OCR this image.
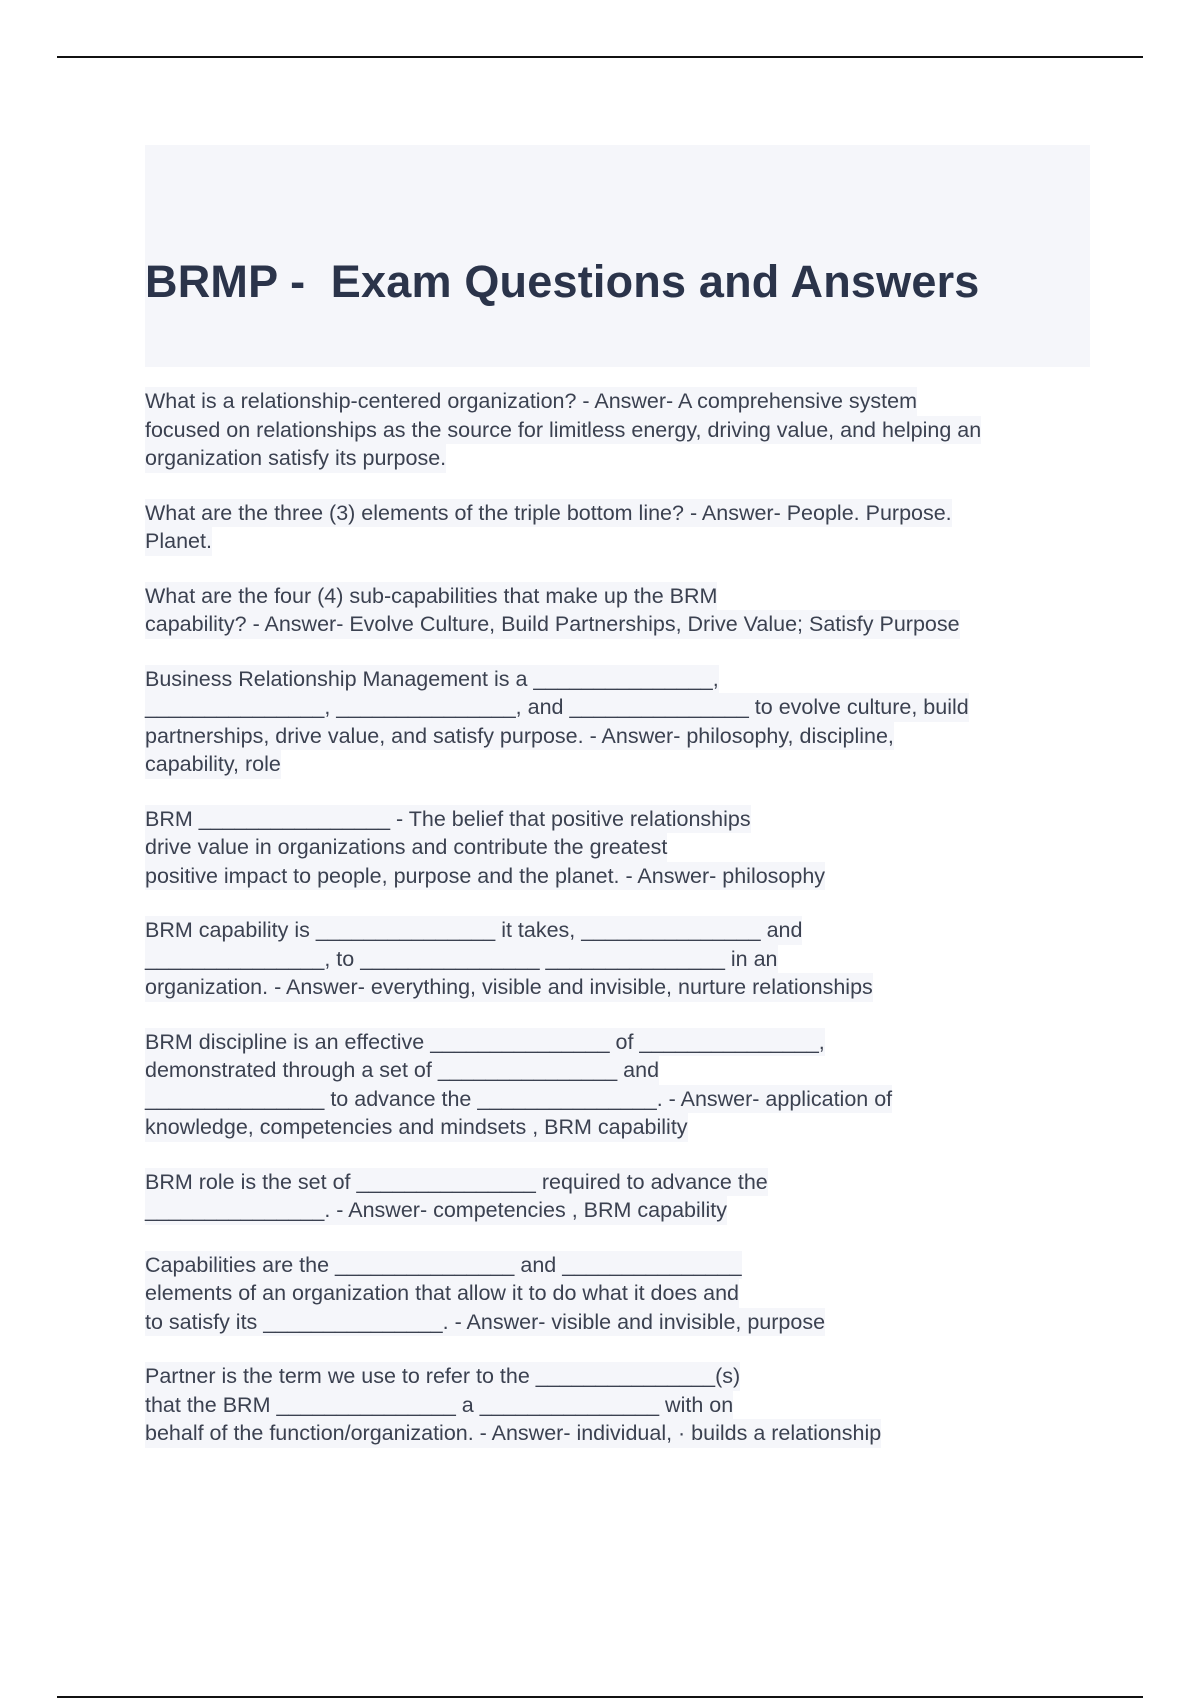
BRMP -  Exam Questions and Answers
What is a relationship-centered organization? - Answer- A comprehensive system
focused on relationships as the source for limitless energy, driving value, and helping an
organization satisfy its purpose.
What are the three (3) elements of the triple bottom line? - Answer- People. Purpose.
Planet.
What are the four (4) sub-capabilities that make up the BRM
capability? - Answer- Evolve Culture, Build Partnerships, Drive Value; Satisfy Purpose
Business Relationship Management is a _______________,
_______________, _______________, and _______________ to evolve culture, build
partnerships, drive value, and satisfy purpose. - Answer- philosophy, discipline,
capability, role
BRM ________________ - The belief that positive relationships
drive value in organizations and contribute the greatest
positive impact to people, purpose and the planet. - Answer- philosophy
BRM capability is _______________ it takes, _______________ and
_______________, to _______________ _______________ in an
organization. - Answer- everything, visible and invisible, nurture relationships
BRM discipline is an effective _______________ of _______________,
demonstrated through a set of _______________ and
_______________ to advance the _______________. - Answer- application of
knowledge, competencies and mindsets , BRM capability
BRM role is the set of _______________ required to advance the
_______________. - Answer- competencies , BRM capability
Capabilities are the _______________ and _______________
elements of an organization that allow it to do what it does and
to satisfy its _______________. - Answer- visible and invisible, purpose
Partner is the term we use to refer to the _______________(s)
that the BRM _______________ a _______________ with on
behalf of the function/organization. - Answer- individual, · builds a relationship
